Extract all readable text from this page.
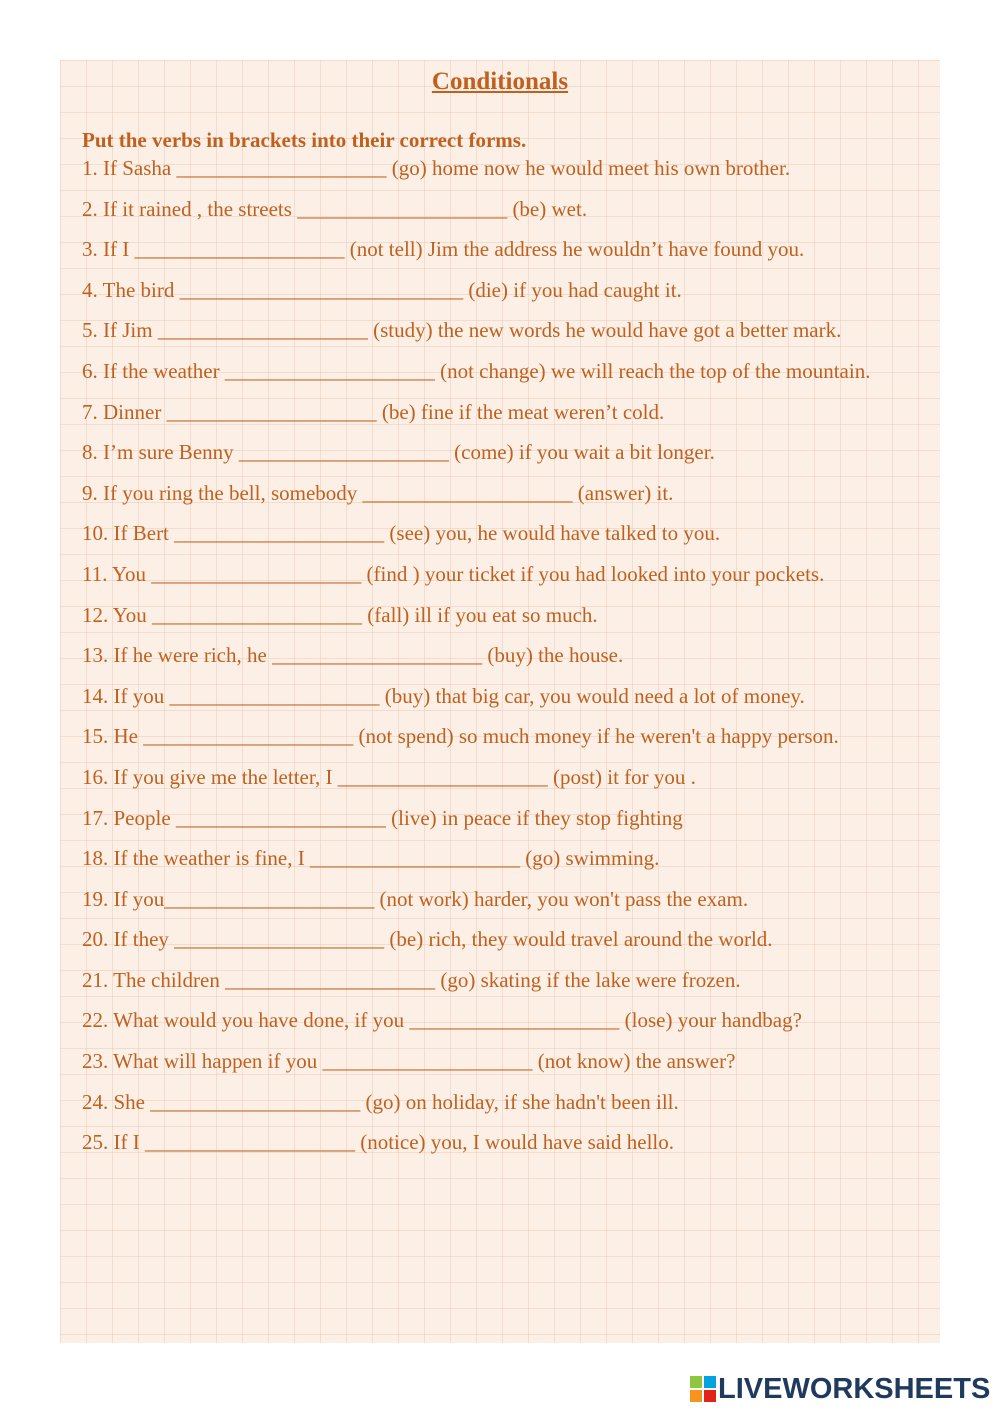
Conditionals
Put the verbs in brackets into their correct forms.
1. If Sasha ____________________ (go) home now he would meet his own brother.
2. If it rained , the streets ____________________ (be) wet.
3. If I ____________________ (not tell) Jim the address he wouldn’t have found you.
4. The bird ___________________________ (die) if you had caught it.
5. If Jim ____________________ (study) the new words he would have got a better mark.
6. If the weather ____________________ (not change) we will reach the top of the mountain.
7. Dinner ____________________ (be) fine if the meat weren’t cold.
8. I’m sure Benny ____________________ (come) if you wait a bit longer.
9. If you ring the bell, somebody ____________________ (answer) it.
10. If Bert ____________________ (see) you, he would have talked to you.
11. You ____________________ (find ) your ticket if you had looked into your pockets.
12. You ____________________ (fall) ill if you eat so much.
13. If he were rich, he ____________________ (buy) the house.
14. If you ____________________ (buy) that big car, you would need a lot of money.
15. He ____________________ (not spend) so much money if he weren't a happy person.
16. If you give me the letter, I ____________________ (post) it for you .
17. People ____________________ (live) in peace if they stop fighting
18. If the weather is fine, I ____________________ (go) swimming.
19. If you____________________ (not work) harder, you won't pass the exam.
20. If they ____________________ (be) rich, they would travel around the world.
21. The children ____________________ (go) skating if the lake were frozen.
22. What would you have done, if you ____________________ (lose) your handbag?
23. What will happen if you ____________________ (not know) the answer?
24. She ____________________ (go) on holiday, if she hadn't been ill.
25. If I ____________________ (notice) you, I would have said hello.
LIVEWORKSHEETS
